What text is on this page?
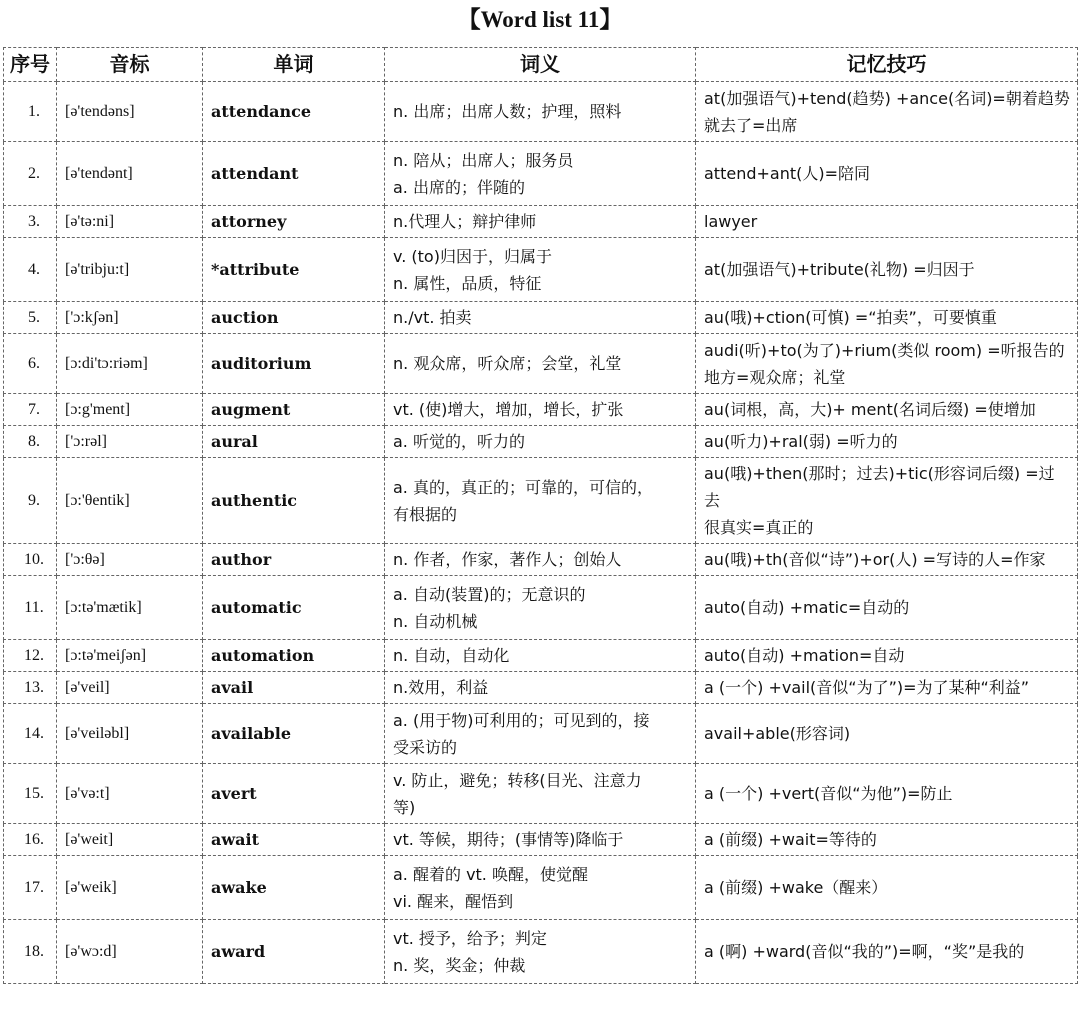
【Word list 11】
序号	音标	单词	词义	记忆技巧
1.	[ə'tendəns]	attendance	n. 出席；出席人数；护理，照料	at(加强语气)+tend(趋势) +ance(名词)=朝着趋势
就去了=出席

2.	[ə'tendənt]	attendant	n. 陪从；出席人；服务员
a. 出席的；伴随的	attend+ant(人)=陪同

3.	[ə'tə:ni]	attorney	n.代理人；辩护律师	lawyer

4.	[ə'tribju:t]	*attribute	v. (to)归因于，归属于
n. 属性，品质，特征	at(加强语气)+tribute(礼物) =归因于

5.	['ɔ:kʃən]	auction	n./vt. 拍卖	au(哦)+ction(可慎) =“拍卖”，可要慎重

6.	[ɔ:di'tɔ:riəm]	auditorium	n. 观众席，听众席；会堂，礼堂	audi(听)+to(为了)+rium(类似 room) =听报告的
地方=观众席；礼堂

7.	[ɔ:g'ment]	augment	vt. (使)增大，增加，增长，扩张	au(词根，高，大)+ ment(名词后缀) =使增加

8.	['ɔ:rəl]	aural	a. 听觉的，听力的	au(听力)+ral(弱) =听力的

9.	[ɔ:'θentik]	authentic	a. 真的，真正的；可靠的，可信的，
有根据的	au(哦)+then(那时；过去)+tic(形容词后缀) =过
去
很真实=真正的

10.	['ɔ:θə]	author	n. 作者，作家，著作人；创始人	au(哦)+th(音似“诗”)+or(人) =写诗的人=作家

11.	[ɔ:tə'mætik]	automatic	a. 自动(装置)的；无意识的
n. 自动机械	auto(自动) +matic=自动的

12.	[ɔ:tə'meiʃən]	automation	n. 自动，自动化	auto(自动) +mation=自动

13.	[ə'veil]	avail	n.效用，利益	a (一个) +vail(音似“为了”)=为了某种“利益”

14.	[ə'veiləbl]	available	a. (用于物)可利用的；可见到的，接
受采访的	avail+able(形容词)

15.	[ə'və:t]	avert	v. 防止，避免；转移(目光、注意力
等)	a (一个) +vert(音似“为他”)=防止

16.	[ə'weit]	await	vt. 等候，期待；(事情等)降临于	a (前缀) +wait=等待的

17.	[ə'weik]	awake	a. 醒着的 vt. 唤醒，使觉醒
vi. 醒来，醒悟到	a (前缀) +wake（醒来）

18.	[ə'wɔ:d]	award	vt. 授予，给予；判定
n. 奖，奖金；仲裁	a (啊) +ward(音似“我的”)=啊，“奖”是我的
